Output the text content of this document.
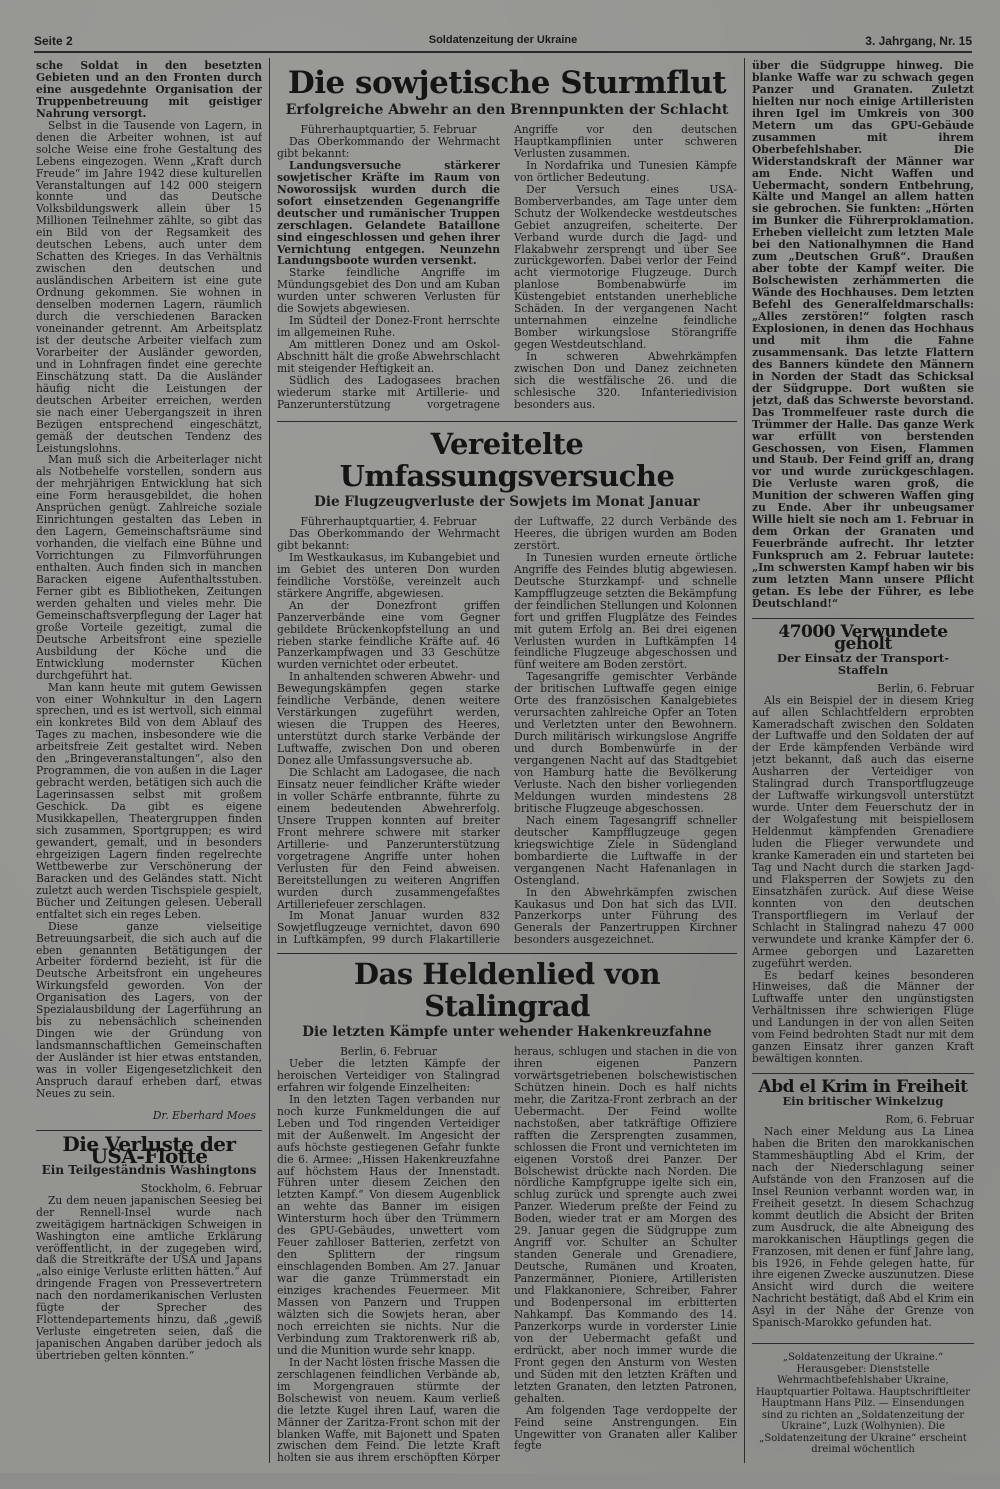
Seite 2	Soldatenzeitung der Ukraine	3. Jahrgang, Nr. 15

sche Soldat in den besetzten Gebieten und an den Fronten durch eine ausgedehnte Organisation der Truppenbetreuung mit geistiger Nahrung versorgt.

Selbst in die Tausende von Lagern, in denen die Arbeiter wohnen, ist auf solche Weise eine frohe Gestaltung des Lebens eingezogen. Wenn „Kraft durch Freude“ im Jahre 1942 diese kulturellen Veranstaltungen auf 142 000 steigern konnte und das Deutsche Volksbildungswerk allein über 15 Millionen Teilnehmer zählte, so gibt das ein Bild von der Regsamkeit des deutschen Lebens, auch unter dem Schatten des Krieges. In das Verhältnis zwischen den deutschen und ausländischen Arbeitern ist eine gute Ordnung gekommen. Sie wohnen in denselben modernen Lagern, räumlich durch die verschiedenen Baracken voneinander getrennt. Am Arbeitsplatz ist der deutsche Arbeiter vielfach zum Vorarbeiter der Ausländer geworden, und in Lohnfragen findet eine gerechte Einschätzung statt. Da die Ausländer häufig nicht die Leistungen der deutschen Arbeiter erreichen, werden sie nach einer Uebergangszeit in ihren Bezügen entsprechend eingeschätzt, gemäß der deutschen Tendenz des Leistungslohns.

Man muß sich die Arbeiterlager nicht als Notbehelfe vorstellen, sondern aus der mehrjährigen Entwicklung hat sich eine Form herausgebildet, die hohen Ansprüchen genügt. Zahlreiche soziale Einrichtungen gestalten das Leben in den Lagern, Gemeinschaftsräume sind vorhanden, die vielfach eine Bühne und Vorrichtungen zu Filmvorführungen enthalten. Auch finden sich in manchen Baracken eigene Aufenthaltsstuben. Ferner gibt es Bibliotheken, Zeitungen werden gehalten und vieles mehr. Die Gemeinschaftsverpflegung der Lager hat große Vorteile gezeitigt, zumal die Deutsche Arbeitsfront eine spezielle Ausbildung der Köche und die Entwicklung modernster Küchen durchgeführt hat.

Man kann heute mit gutem Gewissen von einer Wohnkultur in den Lagern sprechen, und es ist wertvoll, sich einmal ein konkretes Bild von dem Ablauf des Tages zu machen, insbesondere wie die arbeitsfreie Zeit gestaltet wird. Neben den „Bringeveranstaltungen“, also den Programmen, die von außen in die Lager gebracht werden, betätigen sich auch die Lagerinsassen selbst mit großem Geschick. Da gibt es eigene Musikkapellen, Theatergruppen finden sich zusammen, Sportgruppen; es wird gewandert, gemalt, und in besonders ehrgeizigen Lagern finden regelrechte Wettbewerbe zur Verschönerung der Baracken und des Geländes statt. Nicht zuletzt auch werden Tischspiele gespielt, Bücher und Zeitungen gelesen. Ueberall entfaltet sich ein reges Leben.

Diese ganze vielseitige Betreuungsarbeit, die sich auch auf die eben genannten Betätigungen der Arbeiter fördernd bezieht, ist für die Deutsche Arbeitsfront ein ungeheures Wirkungsfeld geworden. Von der Organisation des Lagers, von der Spezialausbildung der Lagerführung an bis zu nebensächlich scheinenden Dingen wie der Gründung von landsmannschaftlichen Gemeinschaften der Ausländer ist hier etwas entstanden, was in voller Eigengesetzlichkeit den Anspruch darauf erheben darf, etwas Neues zu sein.

Dr. Eberhard Moes

Die Verluste der USA-Flotte
Ein Teilgeständnis Washingtons

Stockholm, 6. Februar

Zu dem neuen japanischen Seesieg bei der Rennell-Insel wurde nach zweitägigem hartnäckigen Schweigen in Washington eine amtliche Erklärung veröffentlicht, in der zugegeben wird, daß die Streitkräfte der USA und Japans „also einige Verluste erlitten hätten.“ Auf dringende Fragen von Pressevertretern nach den nordamerikanischen Verlusten fügte der Sprecher des Flottendepartements hinzu, daß „gewiß Verluste eingetreten seien, daß die japanischen Angaben darüber jedoch als übertrieben gelten könnten.“

Die sowjetische Sturmflut
Erfolgreiche Abwehr an den Brennpunkten der Schlacht

Führerhauptquartier, 5. Februar

Das Oberkommando der Wehrmacht gibt bekannt:

Landungsversuche stärkerer sowjetischer Kräfte im Raum von Noworossijsk wurden durch die sofort einsetzenden Gegenangriffe deutscher und rumänischer Truppen zerschlagen. Gelandete Bataillone sind eingeschlossen und gehen ihrer Vernichtung entgegen. Neunzehn Landungsboote wurden versenkt.

Starke feindliche Angriffe im Mündungsgebiet des Don und am Kuban wurden unter schweren Verlusten für die Sowjets abgewiesen.

Im Südteil der Donez-Front herrschte im allgemeinen Ruhe.

Am mittleren Donez und am Oskol-Abschnitt hält die große Abwehrschlacht mit steigender Heftigkeit an.

Südlich des Ladogasees brachen wiederum starke mit Artillerie- und Panzerunterstützung vorgetragene Angriffe vor den deutschen Hauptkampflinien unter schweren Verlusten zusammen.

In Nordafrika und Tunesien Kämpfe von örtlicher Bedeutung.

Der Versuch eines USA-Bomberverbandes, am Tage unter dem Schutz der Wolkendecke westdeutsches Gebiet anzugreifen, scheiterte. Der Verband wurde durch die Jagd- und Flakabwehr zersprengt und über See zurückgeworfen. Dabei verlor der Feind acht viermotorige Flugzeuge. Durch planlose Bombenabwürfe im Küstengebiet entstanden unerhebliche Schäden. In der vergangenen Nacht unternahmen einzelne feindliche Bomber wirkungslose Störangriffe gegen Westdeutschland.

In schweren Abwehrkämpfen zwischen Don und Danez zeichneten sich die westfälische 26. und die schlesische 320. Infanteriedivision besonders aus.

Vereitelte Umfassungsversuche
Die Flugzeugverluste der Sowjets im Monat Januar

Führerhauptquartier, 4. Februar

Das Oberkommando der Wehrmacht gibt bekannt:

Im Westkaukasus, im Kubangebiet und im Gebiet des unteren Don wurden feindliche Vorstöße, vereinzelt auch stärkere Angriffe, abgewiesen.

An der Donezfront griffen Panzerverbände eine vom Gegner gebildete Brückenkopfstellung an und rieben starke feindliche Kräfte auf. 46 Panzerkampfwagen und 33 Geschütze wurden vernichtet oder erbeutet.

In anhaltenden schweren Abwehr- und Bewegungskämpfen gegen starke feindliche Verbände, denen weitere Verstärkungen zugeführt werden, wiesen die Truppen des Heeres, unterstützt durch starke Verbände der Luftwaffe, zwischen Don und oberen Donez alle Umfassungsversuche ab.

Die Schlacht am Ladogasee, die nach Einsatz neuer feindlicher Kräfte wieder in voller Schärfe entbrannte, führte zu einem bedeutenden Abwehrerfolg. Unsere Truppen konnten auf breiter Front mehrere schwere mit starker Artillerie- und Panzerunterstützung vorgetragene Angriffe unter hohen Verlusten für den Feind abweisen. Bereitstellungen zu weiteren Angriffen wurden durch zusammengefaßtes Artilleriefeuer zerschlagen.

Im Monat Januar wurden 832 Sowjetflugzeuge vernichtet, davon 690 in Luftkämpfen, 99 durch Flakartillerie der Luftwaffe, 22 durch Verbände des Heeres, die übrigen wurden am Boden zerstört.

In Tunesien wurden erneute örtliche Angriffe des Feindes blutig abgewiesen. Deutsche Sturzkampf- und schnelle Kampfflugzeuge setzten die Bekämpfung der feindlichen Stellungen und Kolonnen fort und griffen Flugplätze des Feindes mit gutem Erfolg an. Bei drei eigenen Verlusten wurden in Luftkämpfen 14 feindliche Flugzeuge abgeschossen und fünf weitere am Boden zerstört.

Tagesangriffe gemischter Verbände der britischen Luftwaffe gegen einige Orte des französischen Kanalgebietes verursachten zahlreiche Opfer an Toten und Verletzten unter den Bewohnern. Durch militärisch wirkungslose Angriffe und durch Bombenwürfe in der vergangenen Nacht auf das Stadtgebiet von Hamburg hatte die Bevölkerung Verluste. Nach den bisher vorliegenden Meldungen wurden mindestens 28 britische Flugzeuge abgeschossen.

Nach einem Tagesangriff schneller deutscher Kampfflugzeuge gegen kriegswichtige Ziele in Südengland bombardierte die Luftwaffe in der vergangenen Nacht Hafenanlagen in Ostengland.

In den Abwehrkämpfen zwischen Kaukasus und Don hat sich das LVII. Panzerkorps unter Führung des Generals der Panzertruppen Kirchner besonders ausgezeichnet.

Das Heldenlied von Stalingrad
Die letzten Kämpfe unter wehender Hakenkreuzfahne

Berlin, 6. Februar

Ueber die letzten Kämpfe der heroischen Verteidiger von Stalingrad erfahren wir folgende Einzelheiten:

In den letzten Tagen verbanden nur noch kurze Funkmeldungen die auf Leben und Tod ringenden Verteidiger mit der Außenwelt. Im Angesicht der aufs höchste gestiegenen Gefahr funkte die 6. Armee: „Hissen Hakenkreuzfahne auf höchstem Haus der Innenstadt. Führen unter diesem Zeichen den letzten Kampf.“ Von diesem Augenblick an wehte das Banner im eisigen Wintersturm hoch über den Trümmern des GPU-Gebäudes, unwettert vom Feuer zahlloser Batterien, zerfetzt von den Splittern der ringsum einschlagenden Bomben. Am 27. Januar war die ganze Trümmerstadt ein einziges krachendes Feuermeer. Mit Massen von Panzern und Truppen wälzten sich die Sowjets heran, aber noch erreichten sie nichts. Nur die Verbindung zum Traktorenwerk riß ab, und die Munition wurde sehr knapp.

In der Nacht lösten frische Massen die zerschlagenen feindlichen Verbände ab, im Morgengrauen stürmte der Bolschewist von neuem. Kaum verließ die letzte Kugel ihren Lauf, waren die Männer der Zaritza-Front schon mit der blanken Waffe, mit Bajonett und Spaten zwischen dem Feind. Die letzte Kraft holten sie aus ihrem erschöpften Körper heraus, schlugen und stachen in die von ihren eigenen Panzern vorwärtsgetriebenen bolschewistischen Schützen hinein. Doch es half nichts mehr, die Zaritza-Front zerbrach an der Uebermacht. Der Feind wollte nachstoßen, aber tatkräftige Offiziere rafften die Zersprengten zusammen, schlossen die Front und vernichteten im eigenen Vorstoß drei Panzer. Der Bolschewist drückte nach Norden. Die nördliche Kampfgruppe igelte sich ein, schlug zurück und sprengte auch zwei Panzer. Wiederum preßte der Feind zu Boden, wieder trat er am Morgen des 29. Januar gegen die Südgruppe zum Angriff vor. Schulter an Schulter standen Generale und Grenadiere, Deutsche, Rumänen und Kroaten, Panzermänner, Pioniere, Artilleristen und Flakkanoniere, Schreiber, Fahrer und Bodenpersonal im erbitterten Nahkampf. Das Kommando des 14. Panzerkorps wurde in vorderster Linie von der Uebermacht gefaßt und erdrückt, aber noch immer wurde die Front gegen den Ansturm von Westen und Süden mit den letzten Kräften und letzten Granaten, den letzten Patronen, gehalten.

Am folgenden Tage verdoppelte der Feind seine Anstrengungen. Ein Ungewitter von Granaten aller Kaliber fegte

über die Südgruppe hinweg. Die blanke Waffe war zu schwach gegen Panzer und Granaten. Zuletzt hielten nur noch einige Artilleristen ihren Igel im Umkreis von 300 Metern um das GPU-Gebäude zusammen mit ihrem Oberbefehlshaber. Die Widerstandskraft der Männer war am Ende. Nicht Waffen und Uebermacht, sondern Entbehrung, Kälte und Mangel an allem hatten sie gebrochen. Sie funkten: „Hörten im Bunker die Führerproklamation. Erheben vielleicht zum letzten Male bei den Nationalhymnen die Hand zum „Deutschen Gruß“. Draußen aber tobte der Kampf weiter. Die Bolschewisten zerhämmerten die Wände des Hochhauses. Dem letzten Befehl des Generalfeldmarschalls: „Alles zerstören!“ folgten rasch Explosionen, in denen das Hochhaus und mit ihm die Fahne zusammensank. Das letzte Flattern des Banners kündete den Männern in Norden der Stadt das Schicksal der Südgruppe. Dort wußten sie jetzt, daß das Schwerste bevorstand. Das Trommelfeuer raste durch die Trümmer der Halle. Das ganze Werk war erfüllt von berstenden Geschossen, von Eisen, Flammen und Staub. Der Feind griff an, drang vor und wurde zurückgeschlagen. Die Verluste waren groß, die Munition der schweren Waffen ging zu Ende. Aber ihr unbeugsamer Wille hielt sie noch am 1. Februar in dem Orkan der Granaten und Feuerbrände aufrecht. Ihr letzter Funkspruch am 2. Februar lautete: „Im schwersten Kampf haben wir bis zum letzten Mann unsere Pflicht getan. Es lebe der Führer, es lebe Deutschland!“

47000 Verwundete geholt
Der Einsatz der Transport-Staffeln

Berlin, 6. Februar

Als ein Beispiel der in diesem Krieg auf allen Schlachtfeldern erprobten Kameradschaft zwischen den Soldaten der Luftwaffe und den Soldaten der auf der Erde kämpfenden Verbände wird jetzt bekannt, daß auch das eiserne Ausharren der Verteidiger von Stalingrad durch Transportflugzeuge der Luftwaffe wirkungsvoll unterstützt wurde. Unter dem Feuerschutz der in der Wolgafestung mit beispiellosem Heldenmut kämpfenden Grenadiere luden die Flieger verwundete und kranke Kameraden ein und starteten bei Tag und Nacht durch die starken Jagd- und Flaksperren der Sowjets zu den Einsatzhäfen zurück. Auf diese Weise konnten von den deutschen Transportfliegern im Verlauf der Schlacht in Stalingrad nahezu 47 000 verwundete und kranke Kämpfer der 6. Armee geborgen und Lazaretten zugeführt werden.

Es bedarf keines besonderen Hinweises, daß die Männer der Luftwaffe unter den ungünstigsten Verhältnissen ihre schwierigen Flüge und Landungen in der von allen Seiten vom Feind bedrohten Stadt nur mit dem ganzen Einsatz ihrer ganzen Kraft bewältigen konnten.

Abd el Krim in Freiheit
Ein britischer Winkelzug

Rom, 6. Februar

Nach einer Meldung aus La Linea haben die Briten den marokkanischen Stammeshäuptling Abd el Krim, der nach der Niederschlagung seiner Aufstände von den Franzosen auf die Insel Reunion verbannt worden war, in Freiheit gesetzt. In diesem Schachzug kommt deutlich die Absicht der Briten zum Ausdruck, die alte Abneigung des marokkanischen Häuptlings gegen die Franzosen, mit denen er fünf Jahre lang, bis 1926, in Fehde gelegen hatte, für ihre eigenen Zwecke auszunutzen. Diese Ansicht wird durch die weitere Nachricht bestätigt, daß Abd el Krim ein Asyl in der Nähe der Grenze von Spanisch-Marokko gefunden hat.

„Soldatenzeitung der Ukraine.“ Herausgeber: Dienststelle Wehrmachtbefehlshaber Ukraine, Hauptquartier Poltawa. Hauptschriftleiter Hauptmann Hans Pilz. — Einsendungen sind zu richten an „Soldatenzeitung der Ukraine“, Luzk (Wolhynien). Die „Soldatenzeitung der Ukraine“ erscheint dreimal wöchentlich
